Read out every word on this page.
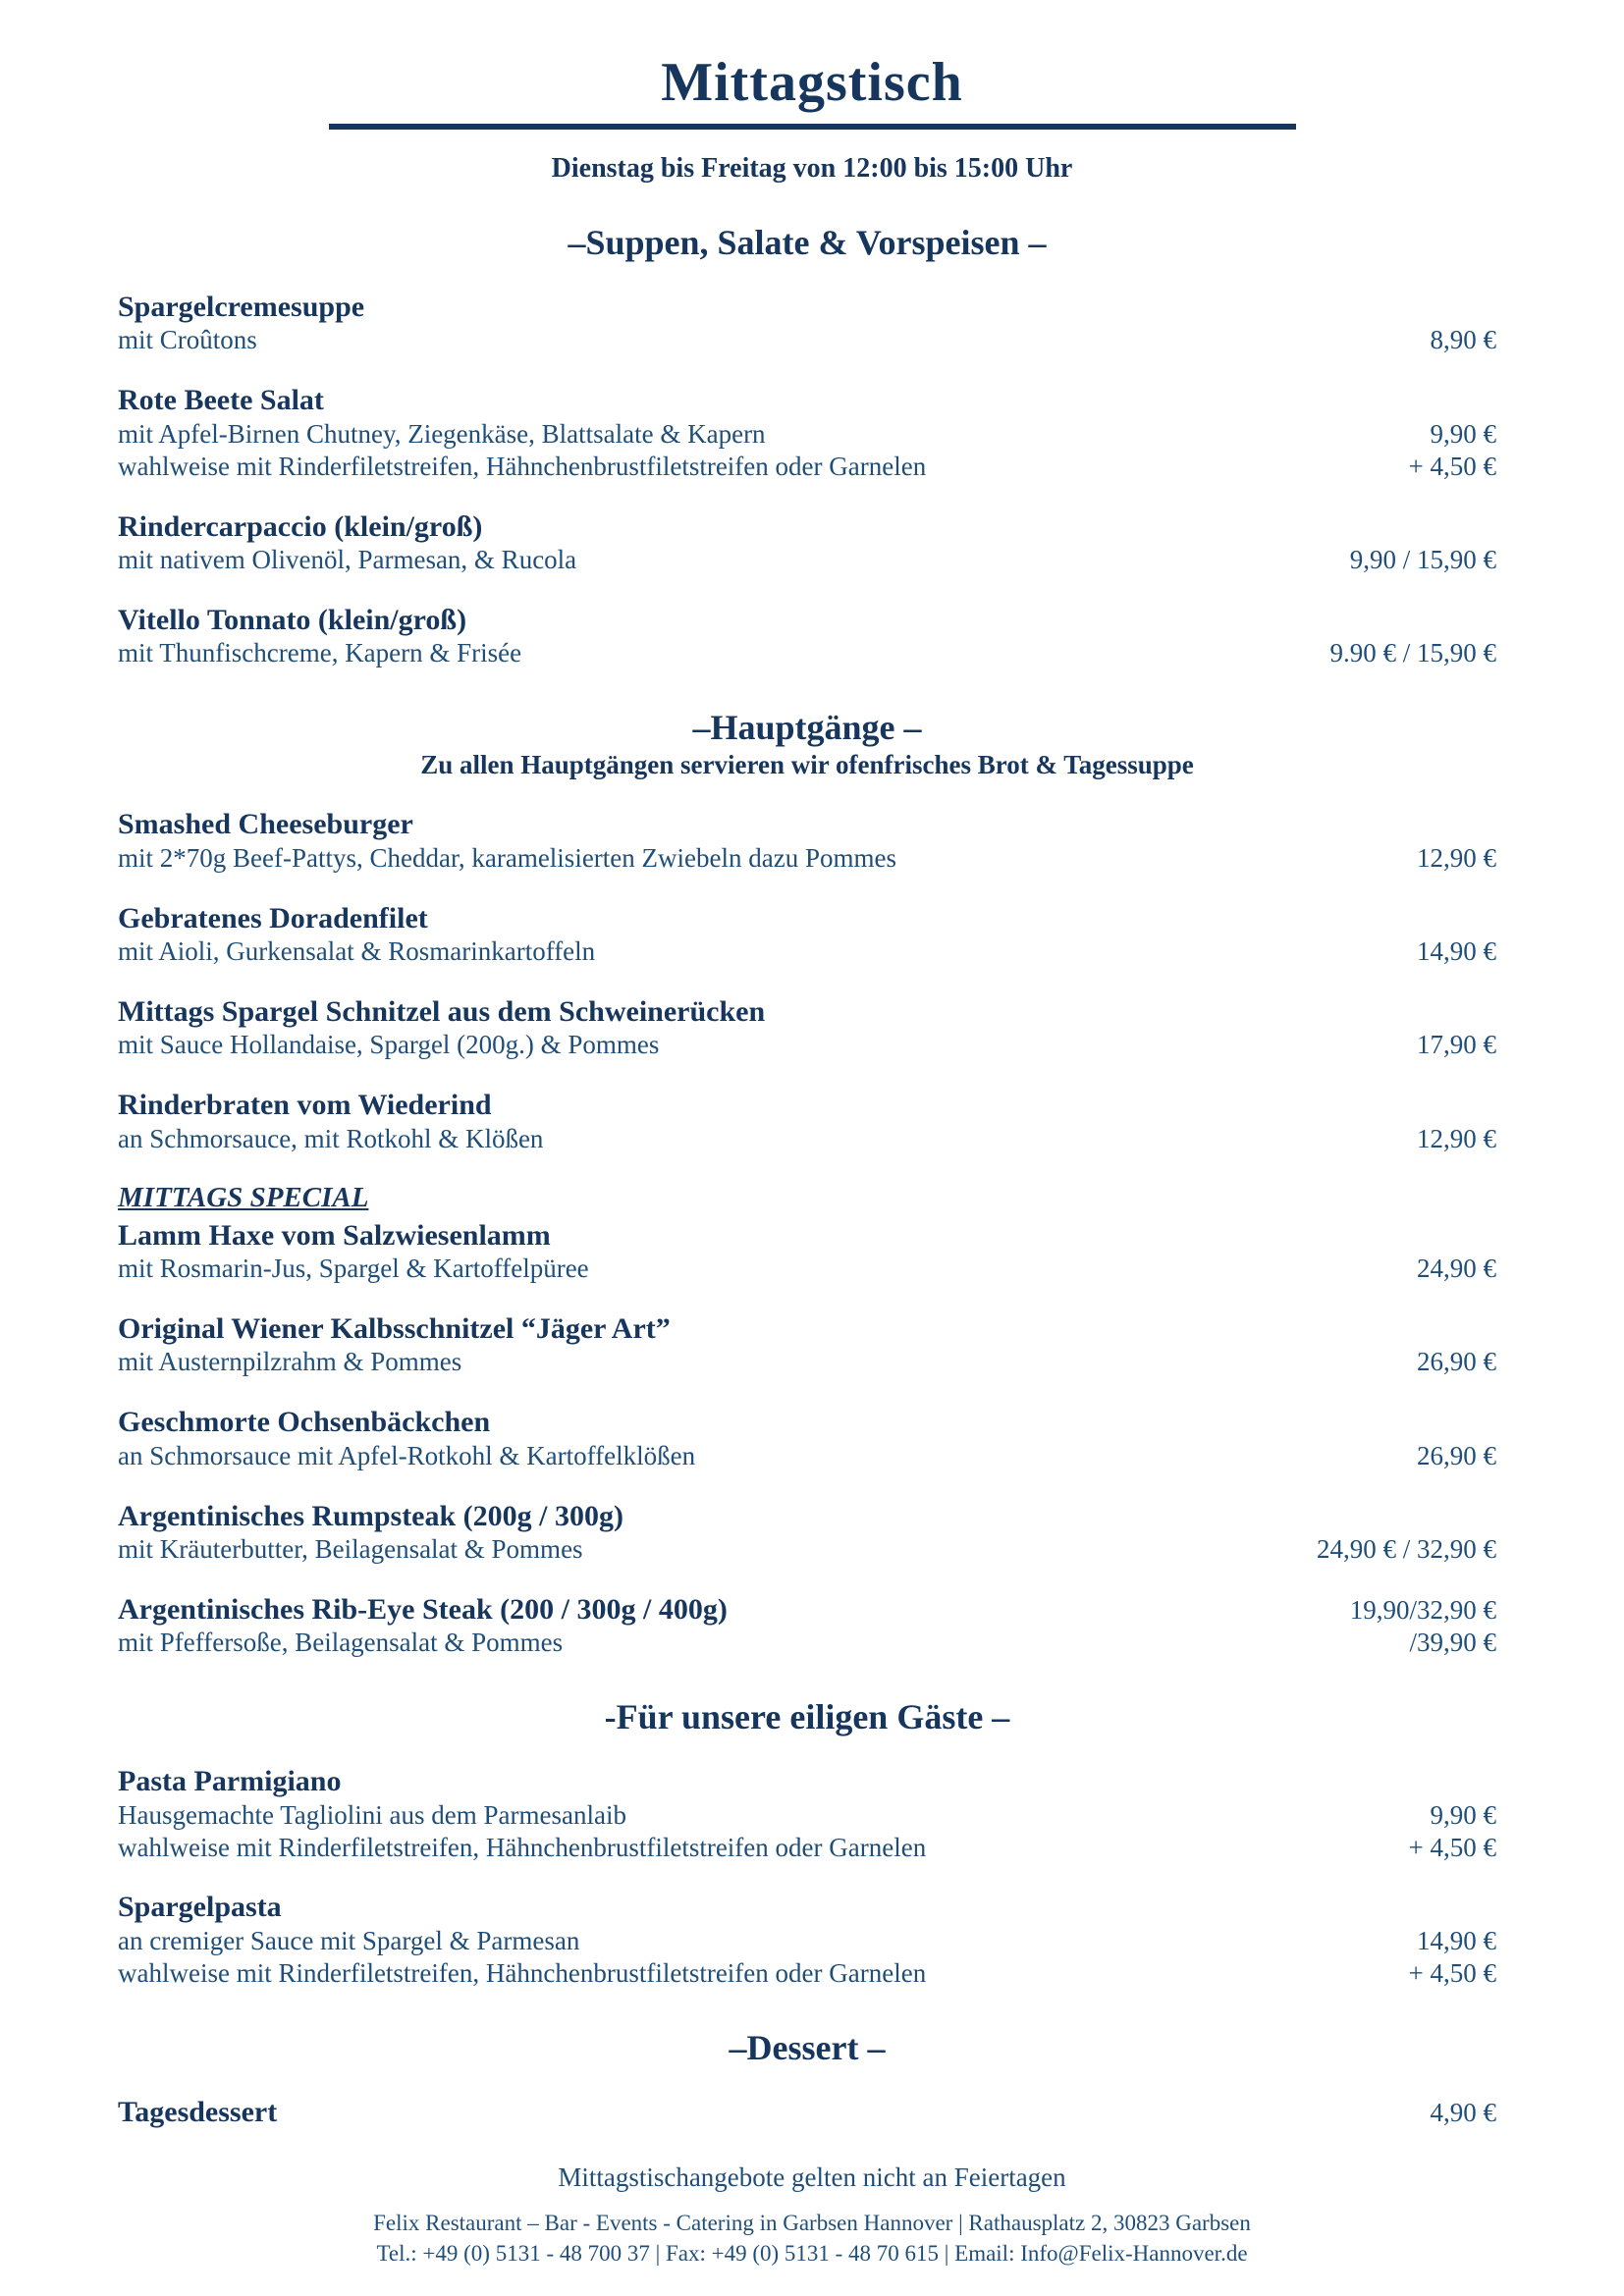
Mittagstisch
Dienstag bis Freitag von 12:00 bis 15:00 Uhr
–Suppen, Salate & Vorspeisen –
Spargelcremesuppe
mit Croûtons	8,90 €
Rote Beete Salat
mit Apfel-Birnen Chutney, Ziegenkäse, Blattsalate & Kapern	9,90 €
wahlweise mit Rinderfiletstreifen, Hähnchenbrustfiletstreifen oder Garnelen	+ 4,50 €
Rindercarpaccio (klein/groß)
mit nativem Olivenöl, Parmesan, & Rucola	9,90 / 15,90 €
Vitello Tonnato (klein/groß)
mit Thunfischcreme, Kapern & Frisée	9.90 € / 15,90 €
–Hauptgänge –
Zu allen Hauptgängen servieren wir ofenfrisches Brot & Tagessuppe
Smashed Cheeseburger
mit 2*70g Beef-Pattys, Cheddar, karamelisierten Zwiebeln dazu Pommes	12,90 €
Gebratenes Doradenfilet
mit Aioli, Gurkensalat & Rosmarinkartoffeln	14,90 €
Mittags Spargel Schnitzel aus dem Schweinerücken
mit Sauce Hollandaise, Spargel (200g.) & Pommes	17,90 €
Rinderbraten vom Wiederind
an Schmorsauce, mit Rotkohl & Klößen	12,90 €
MITTAGS SPECIAL
Lamm Haxe vom Salzwiesenlamm
mit Rosmarin-Jus, Spargel & Kartoffelpüree	24,90 €
Original Wiener Kalbsschnitzel “Jäger Art”
mit Austernpilzrahm & Pommes	26,90 €
Geschmorte Ochsenbäckchen
an Schmorsauce mit Apfel-Rotkohl & Kartoffelklößen	26,90 €
Argentinisches Rumpsteak (200g / 300g)
mit Kräuterbutter, Beilagensalat & Pommes	24,90 € / 32,90 €
Argentinisches Rib-Eye Steak (200 / 300g / 400g)	19,90/32,90 €
mit Pfeffersoße, Beilagensalat & Pommes	/39,90 €
-Für unsere eiligen Gäste –
Pasta Parmigiano
Hausgemachte Tagliolini aus dem Parmesanlaib	9,90 €
wahlweise mit Rinderfiletstreifen, Hähnchenbrustfiletstreifen oder Garnelen	+ 4,50 €
Spargelpasta
an cremiger Sauce mit Spargel & Parmesan	14,90 €
wahlweise mit Rinderfiletstreifen, Hähnchenbrustfiletstreifen oder Garnelen	+ 4,50 €
–Dessert –
Tagesdessert	4,90 €
Mittagstischangebote gelten nicht an Feiertagen
Felix Restaurant – Bar - Events - Catering in Garbsen Hannover | Rathausplatz 2, 30823 Garbsen
Tel.: +49 (0) 5131 - 48 700 37 | Fax: +49 (0) 5131 - 48 70 615 | Email: Info@Felix-Hannover.de
